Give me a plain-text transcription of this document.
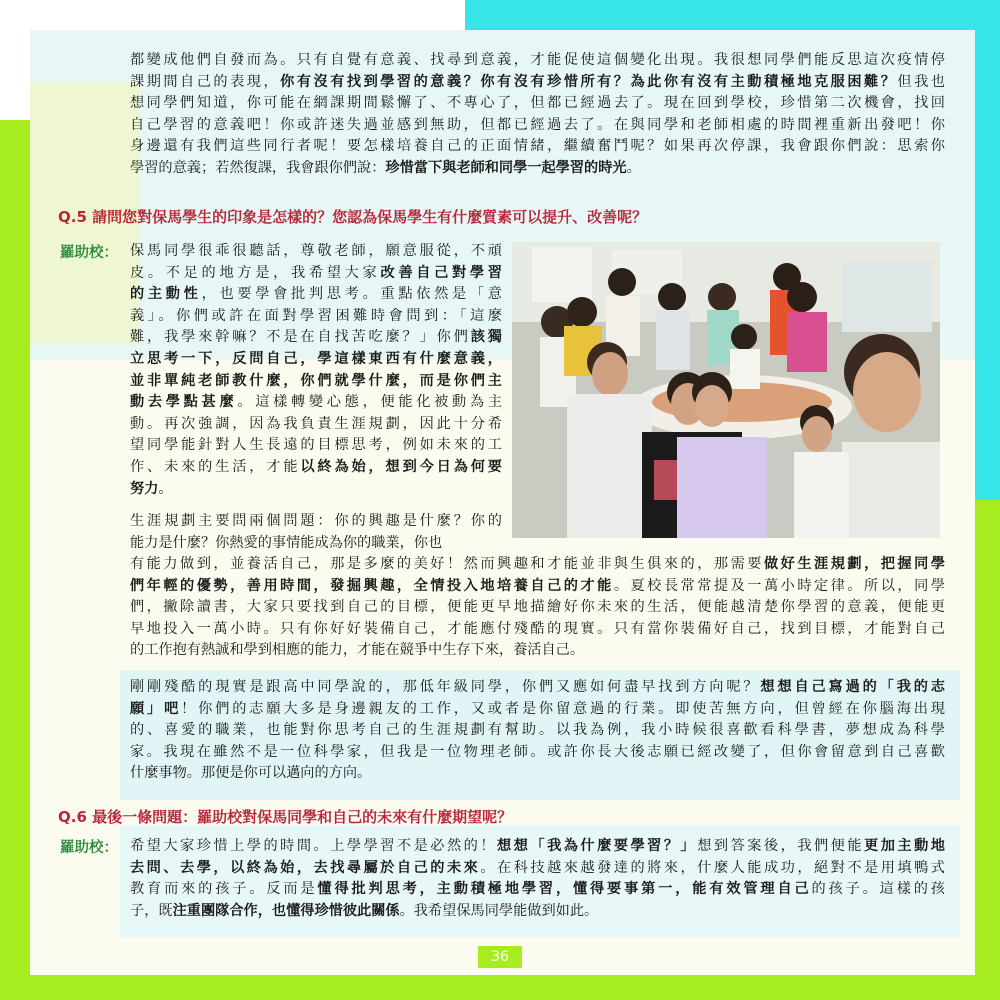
都變成他們自發而為。只有自覺有意義、找尋到意義，才能促使這個變化出現。我很想同學們能反思這次疫情停
課期間自己的表現，你有沒有找到學習的意義？你有沒有珍惜所有？為此你有沒有主動積極地克服困難？但我也
想同學們知道，你可能在網課期間鬆懈了、不專心了，但都已經過去了。現在回到學校，珍惜第二次機會，找回
自己學習的意義吧！你或許迷失過並感到無助，但都已經過去了。在與同學和老師相處的時間裡重新出發吧！你
身邊還有我們這些同行者呢！要怎樣培養自己的正面情緒，繼續奮鬥呢？如果再次停課，我會跟你們說：思索你
學習的意義；若然復課，我會跟你們說：珍惜當下與老師和同學一起學習的時光。

Q.5 請問您對保馬學生的印象是怎樣的？您認為保馬學生有什麼質素可以提升、改善呢？

羅助校： 保馬同學很乖很聽話，尊敬老師，願意服從，不頑
皮。不足的地方是，我希望大家改善自己對學習
的主動性，也要學會批判思考。重點依然是「意
義」。你們或許在面對學習困難時會問到：「這麼
難，我學來幹嘛？不是在自找苦吃麼？」你們該獨
立思考一下，反問自己，學這樣東西有什麼意義，
並非單純老師教什麼，你們就學什麼，而是你們主
動去學點甚麼。這樣轉變心態，便能化被動為主
動。再次強調，因為我負責生涯規劃，因此十分希
望同學能針對人生長遠的目標思考，例如未來的工
作、未來的生活，才能以終為始，想到今日為何要
努力。
生涯規劃主要問兩個問題：你的興趣是什麼？你的
能力是什麼？你熱愛的事情能成為你的職業，你也
有能力做到，並養活自己，那是多麼的美好！然而興趣和才能並非與生俱來的，那需要做好生涯規劃，把握同學
們年輕的優勢，善用時間，發掘興趣，全情投入地培養自己的才能。夏校長常常提及一萬小時定律。所以，同學
們，撇除讀書，大家只要找到自己的目標，便能更早地描繪好你未來的生活，便能越清楚你學習的意義，便能更
早地投入一萬小時。只有你好好裝備自己，才能應付殘酷的現實。只有當你裝備好自己，找到目標，才能對自己
的工作抱有熱誠和學到相應的能力，才能在競爭中生存下來，養活自己。
剛剛殘酷的現實是跟高中同學說的，那低年級同學，你們又應如何盡早找到方向呢？想想自己寫過的「我的志
願」吧！你們的志願大多是身邊親友的工作，又或者是你留意過的行業。即使苦無方向，但曾經在你腦海出現
的、喜愛的職業，也能對你思考自己的生涯規劃有幫助。以我為例，我小時候很喜歡看科學書，夢想成為科學
家。我現在雖然不是一位科學家，但我是一位物理老師。或許你長大後志願已經改變了，但你會留意到自己喜歡
什麼事物。那便是你可以邁向的方向。

Q.6 最後一條問題：羅助校對保馬同學和自己的未來有什麼期望呢？

羅助校： 希望大家珍惜上學的時間。上學學習不是必然的！想想「我為什麼要學習？」想到答案後，我們便能更加主動地
去問、去學，以終為始，去找尋屬於自己的未來。在科技越來越發達的將來，什麼人能成功，絕對不是用填鴨式
教育而來的孩子。反而是懂得批判思考，主動積極地學習，懂得要事第一，能有效管理自己的孩子。這樣的孩
子，既注重團隊合作，也懂得珍惜彼此關係。我希望保馬同學能做到如此。
36
